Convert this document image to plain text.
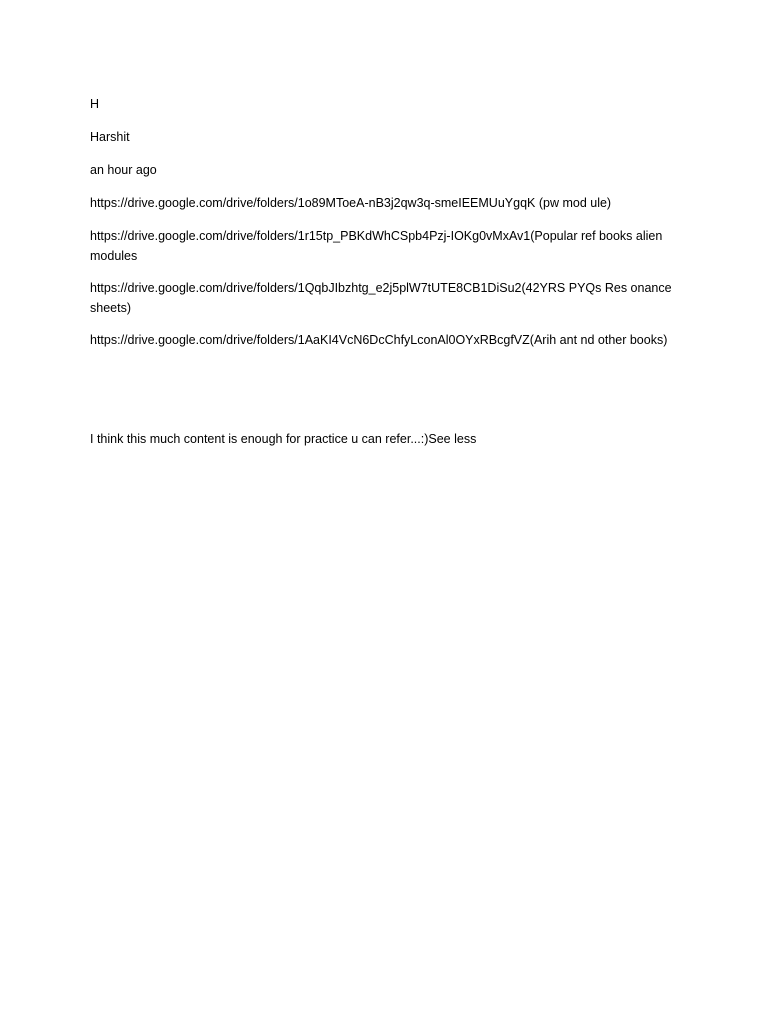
H

Harshit

an hour ago

https://drive.google.com/drive/folders/1o89MToeA-nB3j2qw3q-smeIEEMUuYgqK (pw mod ule)

https://drive.google.com/drive/folders/1r15tp_PBKdWhCSpb4Pzj-IOKg0vMxAv1(Popular ref books alien modules

https://drive.google.com/drive/folders/1QqbJIbzhtg_e2j5plW7tUTE8CB1DiSu2(42YRS PYQs Res onance sheets)

https://drive.google.com/drive/folders/1AaKI4VcN6DcChfyLconAl0OYxRBcgfVZ(Arih ant nd other books)

I think this much content is enough for practice u can refer...:)See less
